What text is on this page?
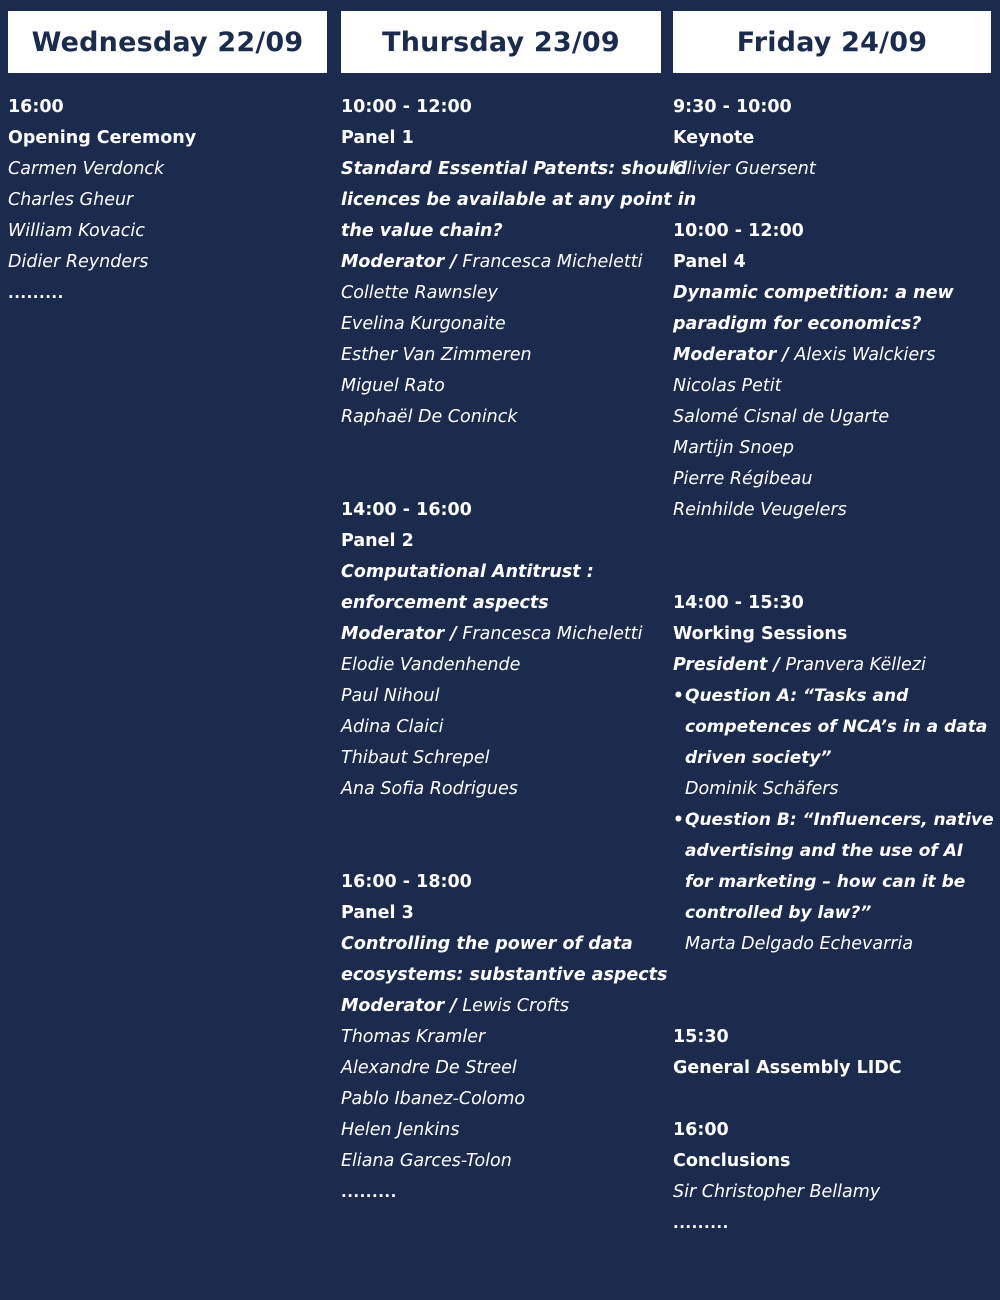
Wednesday 22/09
16:00
Opening Ceremony
Carmen Verdonck
Charles Gheur
William Kovacic
Didier Reynders
.........
Thursday 23/09
10:00 - 12:00
Panel 1
Standard Essential Patents: should
licences be available at any point in
the value chain?
Moderator / Francesca Micheletti
Collette Rawnsley
Evelina Kurgonaite
Esther Van Zimmeren
Miguel Rato
Raphaël De Coninck
14:00 - 16:00
Panel 2
Computational Antitrust :
enforcement aspects
Moderator / Francesca Micheletti
Elodie Vandenhende
Paul Nihoul
Adina Claici
Thibaut Schrepel
Ana Sofia Rodrigues
16:00 - 18:00
Panel 3
Controlling the power of data
ecosystems: substantive aspects
Moderator / Lewis Crofts
Thomas Kramler
Alexandre De Streel
Pablo Ibanez-Colomo
Helen Jenkins
Eliana Garces-Tolon
.........
Friday 24/09
9:30 - 10:00
Keynote
Olivier Guersent
10:00 - 12:00
Panel 4
Dynamic competition: a new
paradigm for economics?
Moderator / Alexis Walckiers
Nicolas Petit
Salomé Cisnal de Ugarte
Martijn Snoep
Pierre Régibeau
Reinhilde Veugelers
14:00 - 15:30
Working Sessions
President / Pranvera Këllezi
• Question A: “Tasks and
competences of NCA’s in a data
driven society”
Dominik Schäfers
• Question B: “Influencers, native
advertising and the use of AI
for marketing – how can it be
controlled by law?”
Marta Delgado Echevarria
15:30
General Assembly LIDC
16:00
Conclusions
Sir Christopher Bellamy
.........
